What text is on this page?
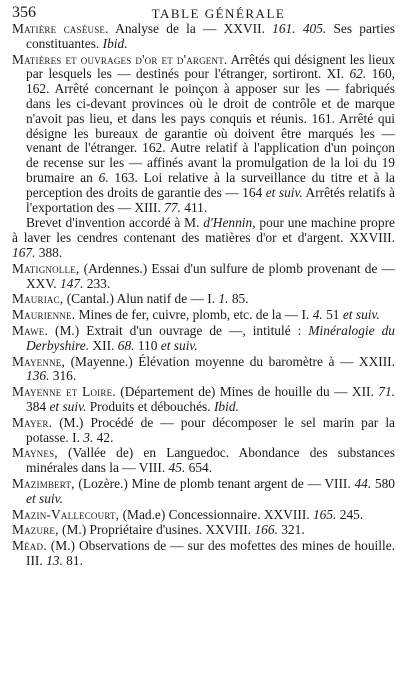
356	TABLE GÉNÉRALE

Matière caséuse. Analyse de la — XXVII. 161. 405. Ses parties constituantes. Ibid.

Matières et ouvrages d'or et d'argent. Arrêtés qui désignent les lieux par lesquels les — destinés pour l'étranger, sortiront. XI. 62. 160, 162. Arrêté concernant le poinçon à apposer sur les — fabriqués dans les ci-devant provinces où le droit de contrôle et de marque n'avoit pas lieu, et dans les pays conquis et réunis. 161. Arrêté qui désigne les bureaux de garantie où doivent être marqués les — venant de l'étranger. 162. Autre relatif à l'application d'un poinçon de recense sur les — affinés avant la promulgation de la loi du 19 brumaire an 6. 163. Loi relative à la surveillance du titre et à la perception des droits de garantie des — 164 et suiv. Arrêtés relatifs à l'exportation des — XIII. 77. 411.

Brevet d'invention accordé à M. d'Hennin, pour une machine propre à laver les cendres contenant des matières d'or et d'argent. XXVIII. 167. 388.

Matignolle, (Ardennes.) Essai d'un sulfure de plomb provenant de — XXV. 147. 233.

Mauriac, (Cantal.) Alun natif de — I. 1. 85.

Maurienne. Mines de fer, cuivre, plomb, etc. de la — I. 4. 51 et suiv.

Mawe. (M.) Extrait d'un ouvrage de —, intitulé : Minéralogie du Derbyshire. XII. 68. 110 et suiv.

Mayenne, (Mayenne.) Élévation moyenne du baromètre à — XXIII. 136. 316.

Mayenne et Loire. (Département de) Mines de houille du — XII. 71. 384 et suiv. Produits et débouchés. Ibid.

Mayer. (M.) Procédé de — pour décomposer le sel marin par la potasse. I. 3. 42.

Maynes, (Vallée de) en Languedoc. Abondance des substances minérales dans la — VIII. 45. 654.

Mazimbert, (Lozère.) Mine de plomb tenant argent de — VIII. 44. 580 et suiv.

Mazin-Vallecourt, (Mad.e) Concessionnaire. XXVIII. 165. 245.

Mazure, (M.) Propriétaire d'usines. XXVIII. 166. 321.

Méad. (M.) Observations de — sur des mofettes des mines de houille. III. 13. 81.
